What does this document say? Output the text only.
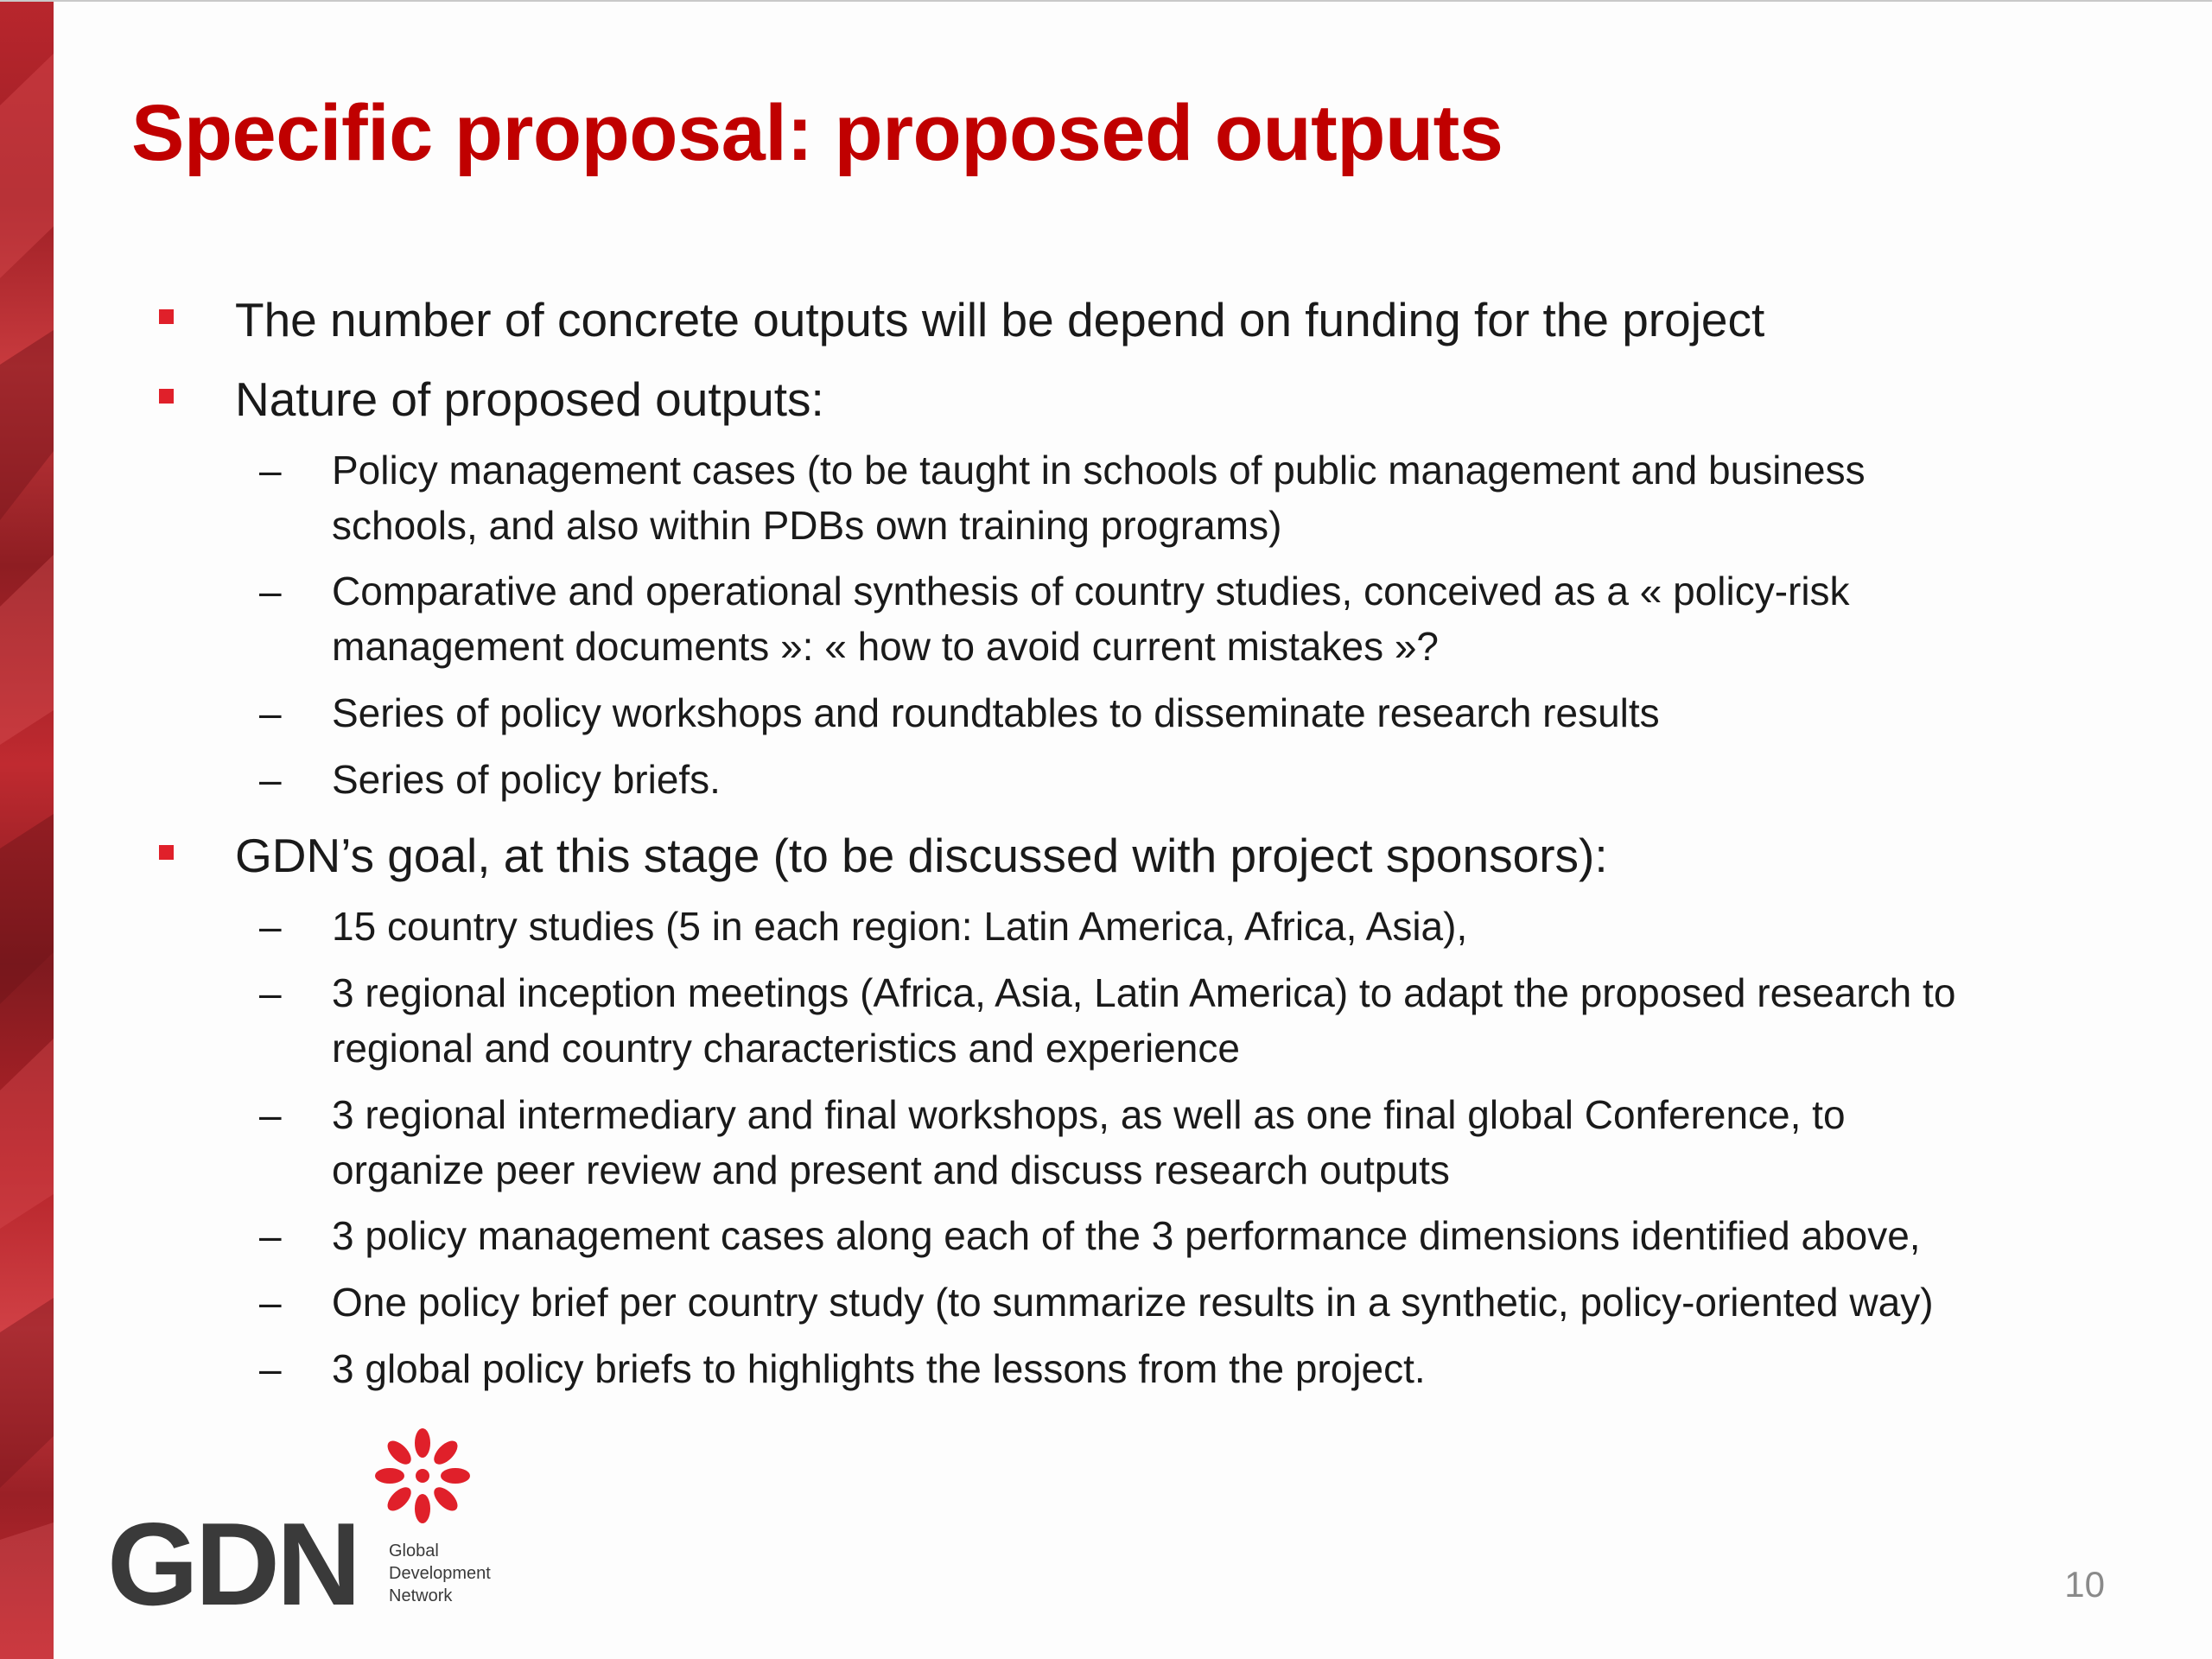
Specific proposal: proposed outputs
The number of concrete outputs will be depend on funding for the project
Nature of proposed outputs:
– Policy management cases (to be taught in schools of public management and business
schools, and also within PDBs own training programs)
– Comparative and operational synthesis of country studies, conceived as a « policy-risk
management documents »: « how to avoid current mistakes »?
– Series of policy workshops and roundtables to disseminate research results
– Series of policy briefs.
GDN’s goal, at this stage (to be discussed with project sponsors):
– 15 country studies (5 in each region: Latin America, Africa, Asia),
– 3 regional inception meetings (Africa, Asia, Latin America) to adapt the proposed research to
regional and country characteristics and experience
– 3 regional intermediary and final workshops, as well as one final global Conference, to
organize peer review and present and discuss research outputs
– 3 policy management cases along each of the 3 performance dimensions identified above,
– One policy brief per country study (to summarize results in a synthetic, policy-oriented way)
– 3 global policy briefs to highlights the lessons from the project.
GDN Global
Development
Network	10
